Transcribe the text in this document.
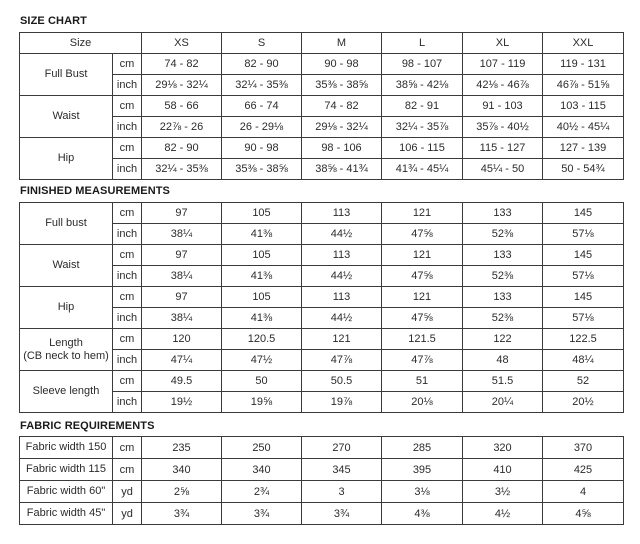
SIZE CHART
Size		XS	S	M	L	XL	XXL
Full Bust	cm	74 - 82	82 - 90	90 - 98	98 - 107	107 - 119	119 - 131
	inch	29⅛ - 32¼	32¼ - 35⅜	35⅜ - 38⅝	38⅝ - 42⅛	42⅛ - 46⅞	46⅞ - 51⅝
Waist	cm	58 - 66	66 - 74	74 - 82	82 - 91	91 - 103	103 - 115
	inch	22⅞ - 26	26 - 29⅛	29⅛ - 32¼	32¼ - 35⅞	35⅞ - 40½	40½ - 45¼
Hip	cm	82 - 90	90 - 98	98 - 106	106 - 115	115 - 127	127 - 139
	inch	32¼ - 35⅜	35⅜ - 38⅝	38⅝ - 41¾	41¾ - 45¼	45¼ - 50	50 - 54¾
FINISHED MEASUREMENTS
Full bust	cm	97	105	113	121	133	145
	inch	38¼	41⅜	44½	47⅝	52⅜	57⅛
Waist	cm	97	105	113	121	133	145
	inch	38¼	41⅜	44½	47⅝	52⅜	57⅛
Hip	cm	97	105	113	121	133	145
	inch	38¼	41⅜	44½	47⅝	52⅜	57⅛

Length
(CB neck to hem)	cm	120	120.5	121	121.5	122	122.5
	inch	47¼	47½	47⅞	47⅞	48	48¼
Sleeve length	cm	49.5	50	50.5	51	51.5	52
	inch	19½	19⅝	19⅞	20⅛	20¼	20½
FABRIC REQUIREMENTS
Fabric width 150	cm	235	250	270	285	320	370
Fabric width 115	cm	340	340	345	395	410	425
Fabric width 60"	yd	2⅝	2¾	3	3⅛	3½	4
Fabric width 45"	yd	3¾	3¾	3¾	4⅜	4½	4⅝
